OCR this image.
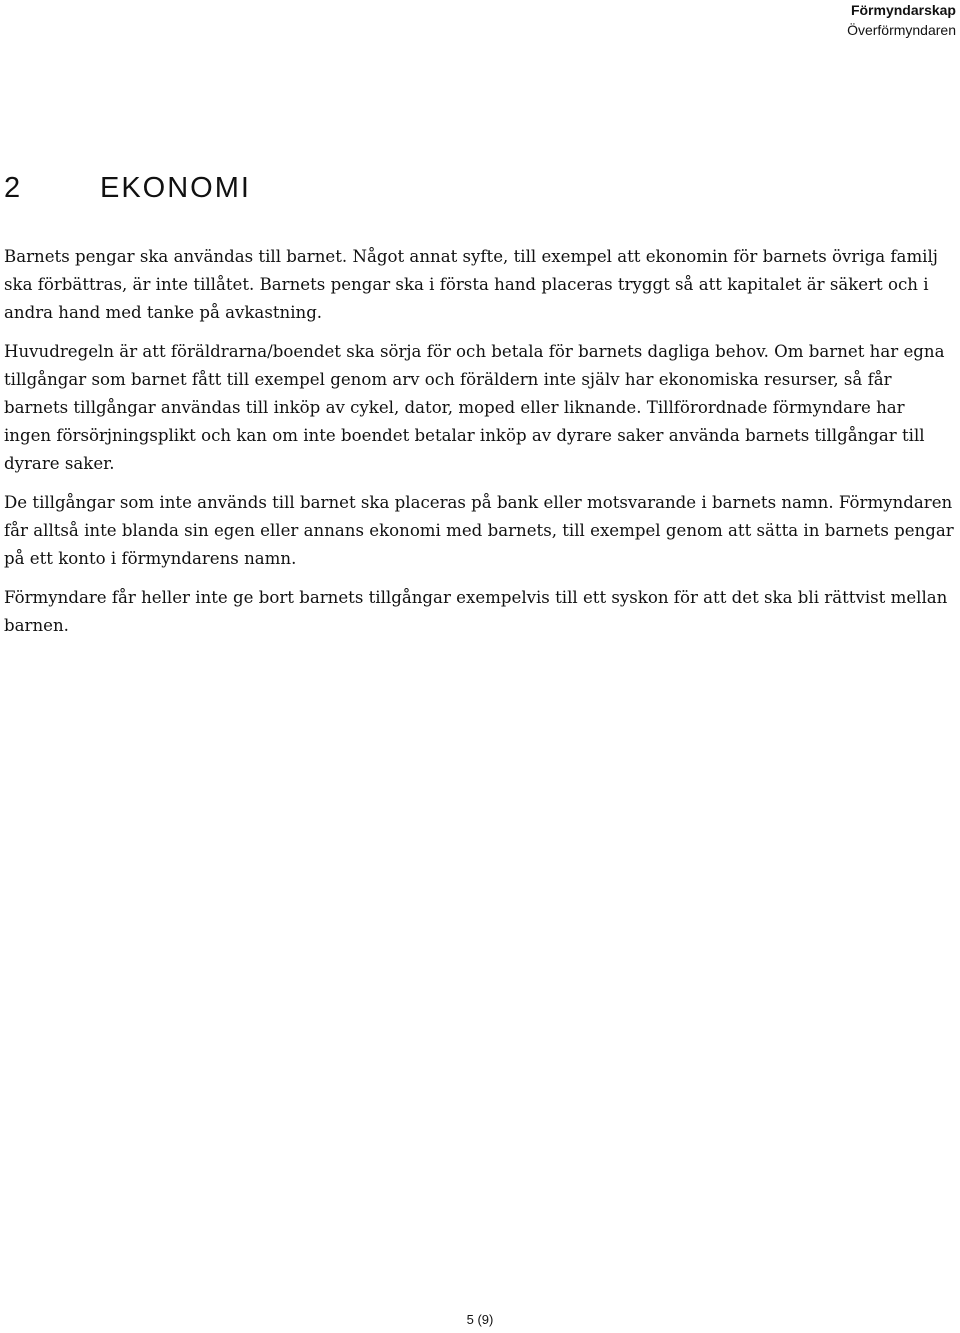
Förmyndarskap
Överförmyndaren
2	EKONOMI

Barnets pengar ska användas till barnet. Något annat syfte, till exempel att ekonomin för barnets övriga familj ska förbättras, är inte tillåtet. Barnets pengar ska i första hand placeras tryggt så att kapitalet är säkert och i andra hand med tanke på avkastning.

Huvudregeln är att föräldrarna/boendet ska sörja för och betala för barnets dagliga behov. Om barnet har egna tillgångar som barnet fått till exempel genom arv och föräldern inte själv har ekonomiska resurser, så får barnets tillgångar användas till inköp av cykel, dator, moped eller liknande. Tillförordnade förmyndare har ingen försörjningsplikt och kan om inte boendet betalar inköp av dyrare saker använda barnets tillgångar till dyrare saker.

De tillgångar som inte används till barnet ska placeras på bank eller motsvarande i barnets namn. Förmyndaren får alltså inte blanda sin egen eller annans ekonomi med barnets, till exempel genom att sätta in barnets pengar på ett konto i förmyndarens namn.

Förmyndare får heller inte ge bort barnets tillgångar exempelvis till ett syskon för att det ska bli rättvist mellan barnen.

5 (9)
